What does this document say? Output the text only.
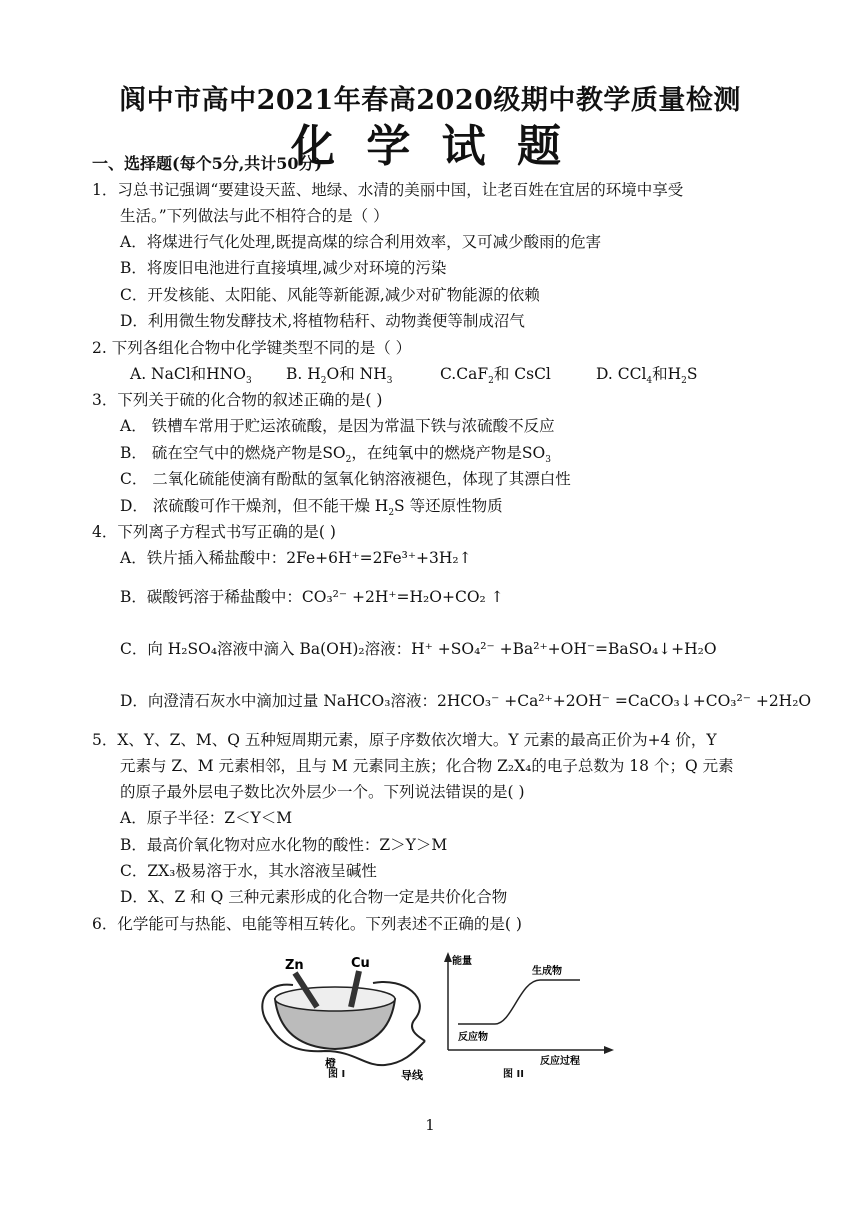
阆中市高中2021年春高2020级期中教学质量检测
化 学 试 题
一、选择题(每个5分,共计50分)
1．习总书记强调“要建设天蓝、地绿、水清的美丽中国，让老百姓在宜居的环境中享受
生活。”下列做法与此不相符合的是（ ）
A．将煤进行气化处理,既提高煤的综合利用效率，又可减少酸雨的危害
B．将废旧电池进行直接填埋,减少对环境的污染
C．开发核能、太阳能、风能等新能源,减少对矿物能源的依赖
D．利用微生物发酵技术,将植物秸秆、动物粪便等制成沼气
2. 下列各组化合物中化学键类型不同的是（ ）
A. NaCl和$HNO_3$ B. $H_2O$和 $NH_3$	C.CaF$_2$和 CsCl	D. CCl$_4$和$H_2S$
3．下列关于硫的化合物的叙述正确的是( )
A． 铁槽车常用于贮运浓硫酸，是因为常温下铁与浓硫酸不反应
B． 硫在空气中的燃烧产物是$SO_2$，在纯氧中的燃烧产物是$SO_3$
C． 二氧化硫能使滴有酚酞的氢氧化钠溶液褪色，体现了其漂白性
D． 浓硫酸可作干燥剂，但不能干燥 $H_2S$ 等还原性物质
4．下列离子方程式书写正确的是( )
A．铁片插入稀盐酸中：2Fe+6H⁺=2Fe³⁺+3H₂↑
B．碳酸钙溶于稀盐酸中：CO₃²⁻ +2H⁺=H₂O+CO₂ ↑
C．向 H₂SO₄溶液中滴入 Ba(OH)₂溶液：H⁺ +SO₄²⁻ +Ba²⁺+OH⁻=BaSO₄↓+H₂O
D．向澄清石灰水中滴加过量 NaHCO₃溶液：2HCO₃⁻ +Ca²⁺+2OH⁻ =CaCO₃↓+CO₃²⁻ +2H₂O
5．X、Y、Z、M、Q 五种短周期元素，原子序数依次增大。Y 元素的最高正价为+4 价，Y
元素与 Z、M 元素相邻，且与 M 元素同主族；化合物 Z₂X₄的电子总数为 18 个；Q 元素
的原子最外层电子数比次外层少一个。下列说法错误的是( )
A．原子半径：Z＜Y＜M
B．最高价氧化物对应水化物的酸性：Z＞Y＞M
C．ZX₃极易溶于水，其水溶液呈碱性
D．X、Z 和 Q 三种元素形成的化合物一定是共价化合物
6．化学能可与热能、电能等相互转化。下列表述不正确的是( )
Zn	Cu
橙
导线
图 I
能量
生成物
反应物
反应过程
图 II
1
